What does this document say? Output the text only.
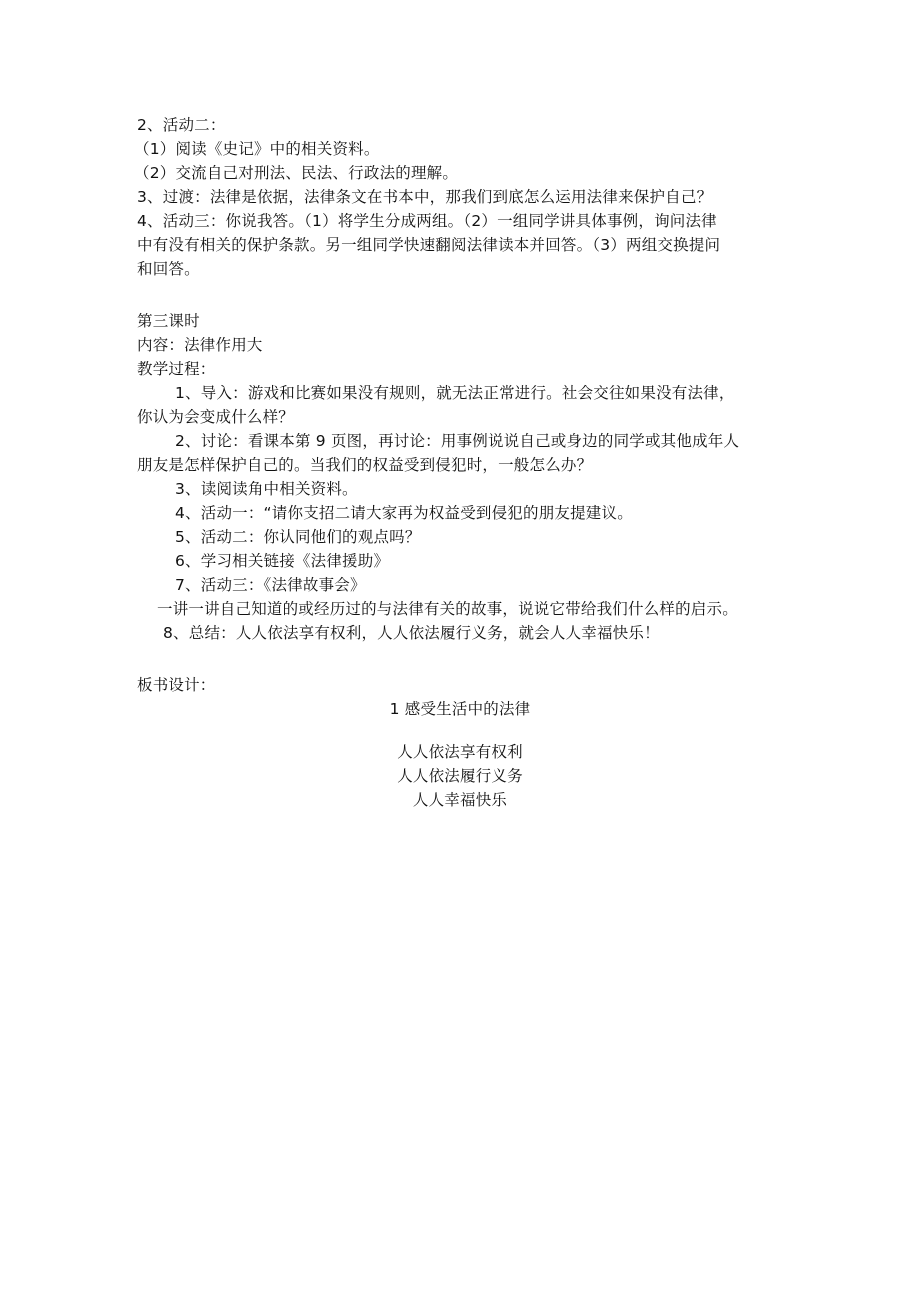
2、活动二：
（1）阅读《史记》中的相关资料。
（2）交流自己对刑法、民法、行政法的理解。
3、过渡：法律是依据，法律条文在书本中，那我们到底怎么运用法律来保护自己？
4、活动三：你说我答。（1）将学生分成两组。（2）一组同学讲具体事例，询问法律
中有没有相关的保护条款。另一组同学快速翻阅法律读本并回答。（3）两组交换提问
和回答。
第三课时
内容：法律作用大
教学过程：
1、导入：游戏和比赛如果没有规则，就无法正常进行。社会交往如果没有法律，
你认为会变成什么样？
2、讨论：看课本第 9 页图，再讨论：用事例说说自己或身边的同学或其他成年人
朋友是怎样保护自己的。当我们的权益受到侵犯时，一般怎么办？
3、读阅读角中相关资料。
4、活动一：“请你支招二请大家再为权益受到侵犯的朋友提建议。
5、活动二：你认同他们的观点吗？
6、学习相关链接《法律援助》
7、活动三：《法律故事会》
一讲一讲自己知道的或经历过的与法律有关的故事，说说它带给我们什么样的启示。
8、总结：人人依法享有权利，人人依法履行义务，就会人人幸福快乐！
板书设计：
1 感受生活中的法律
人人依法享有权利
人人依法履行义务
人人幸福快乐
